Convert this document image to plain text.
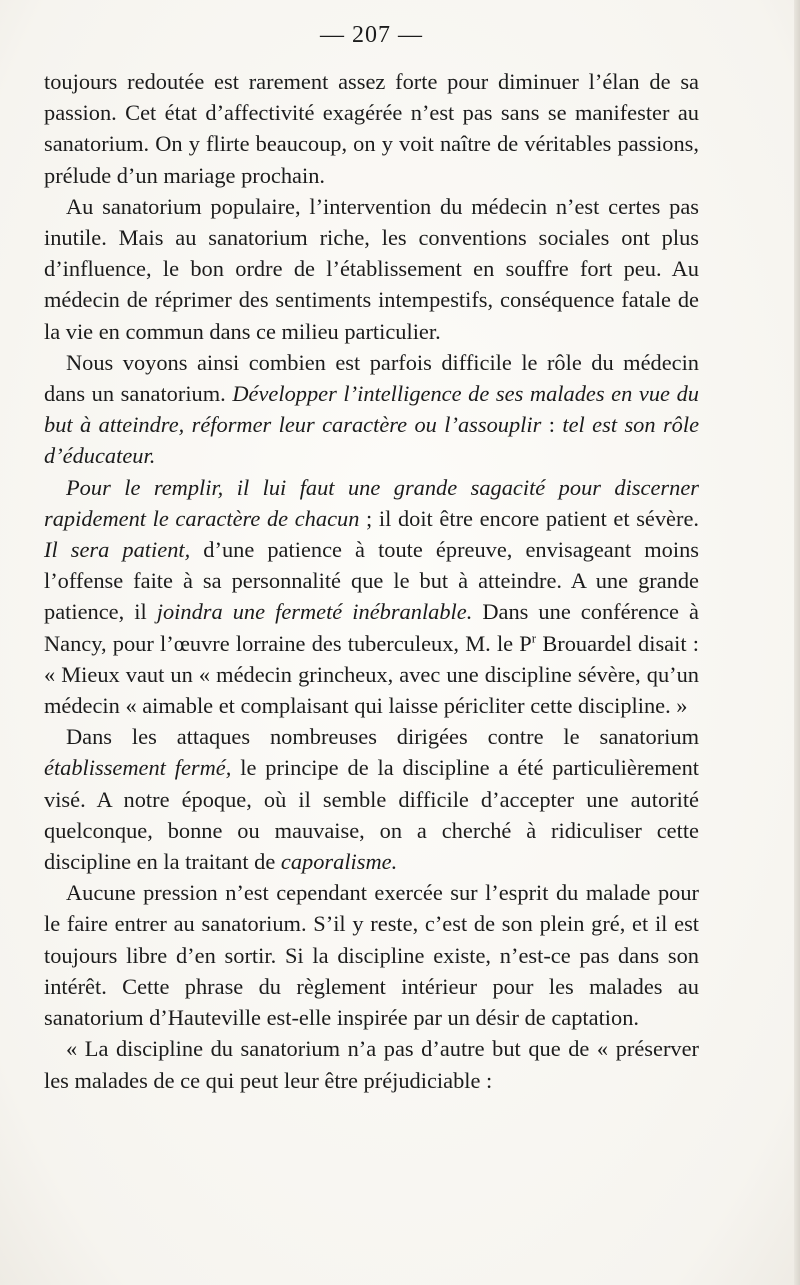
— 207 —

toujours redoutée est rarement assez forte pour diminuer l’élan de sa passion. Cet état d’affectivité exagérée n’est pas sans se manifester au sanatorium. On y flirte beaucoup, on y voit naître de véritables passions, prélude d’un mariage prochain.

Au sanatorium populaire, l’intervention du médecin n’est certes pas inutile. Mais au sanatorium riche, les conventions sociales ont plus d’influence, le bon ordre de l’établissement en souffre fort peu. Au médecin de réprimer des sentiments intempestifs, conséquence fatale de la vie en commun dans ce milieu particulier.

Nous voyons ainsi combien est parfois difficile le rôle du médecin dans un sanatorium. Développer l’intelligence de ses malades en vue du but à atteindre, réformer leur caractère ou l’assouplir : tel est son rôle d’éducateur.

Pour le remplir, il lui faut une grande sagacité pour discerner rapidement le caractère de chacun ; il doit être encore patient et sévère. Il sera patient, d’une patience à toute épreuve, envisageant moins l’offense faite à sa personnalité que le but à atteindre. A une grande patience, il joindra une fermeté inébranlable. Dans une conférence à Nancy, pour l’œuvre lorraine des tuberculeux, M. le $P^r$ Brouardel disait : « Mieux vaut un « médecin grincheux, avec une discipline sévère, qu’un médecin « aimable et complaisant qui laisse péricliter cette discipline. »

Dans les attaques nombreuses dirigées contre le sanatorium établissement fermé, le principe de la discipline a été particulièrement visé. A notre époque, où il semble difficile d’accepter une autorité quelconque, bonne ou mauvaise, on a cherché à ridiculiser cette discipline en la traitant de caporalisme.

Aucune pression n’est cependant exercée sur l’esprit du malade pour le faire entrer au sanatorium. S’il y reste, c’est de son plein gré, et il est toujours libre d’en sortir. Si la discipline existe, n’est-ce pas dans son intérêt. Cette phrase du règlement intérieur pour les malades au sanatorium d’Hauteville est-elle inspirée par un désir de captation.

« La discipline du sanatorium n’a pas d’autre but que de « préserver les malades de ce qui peut leur être préjudiciable :
